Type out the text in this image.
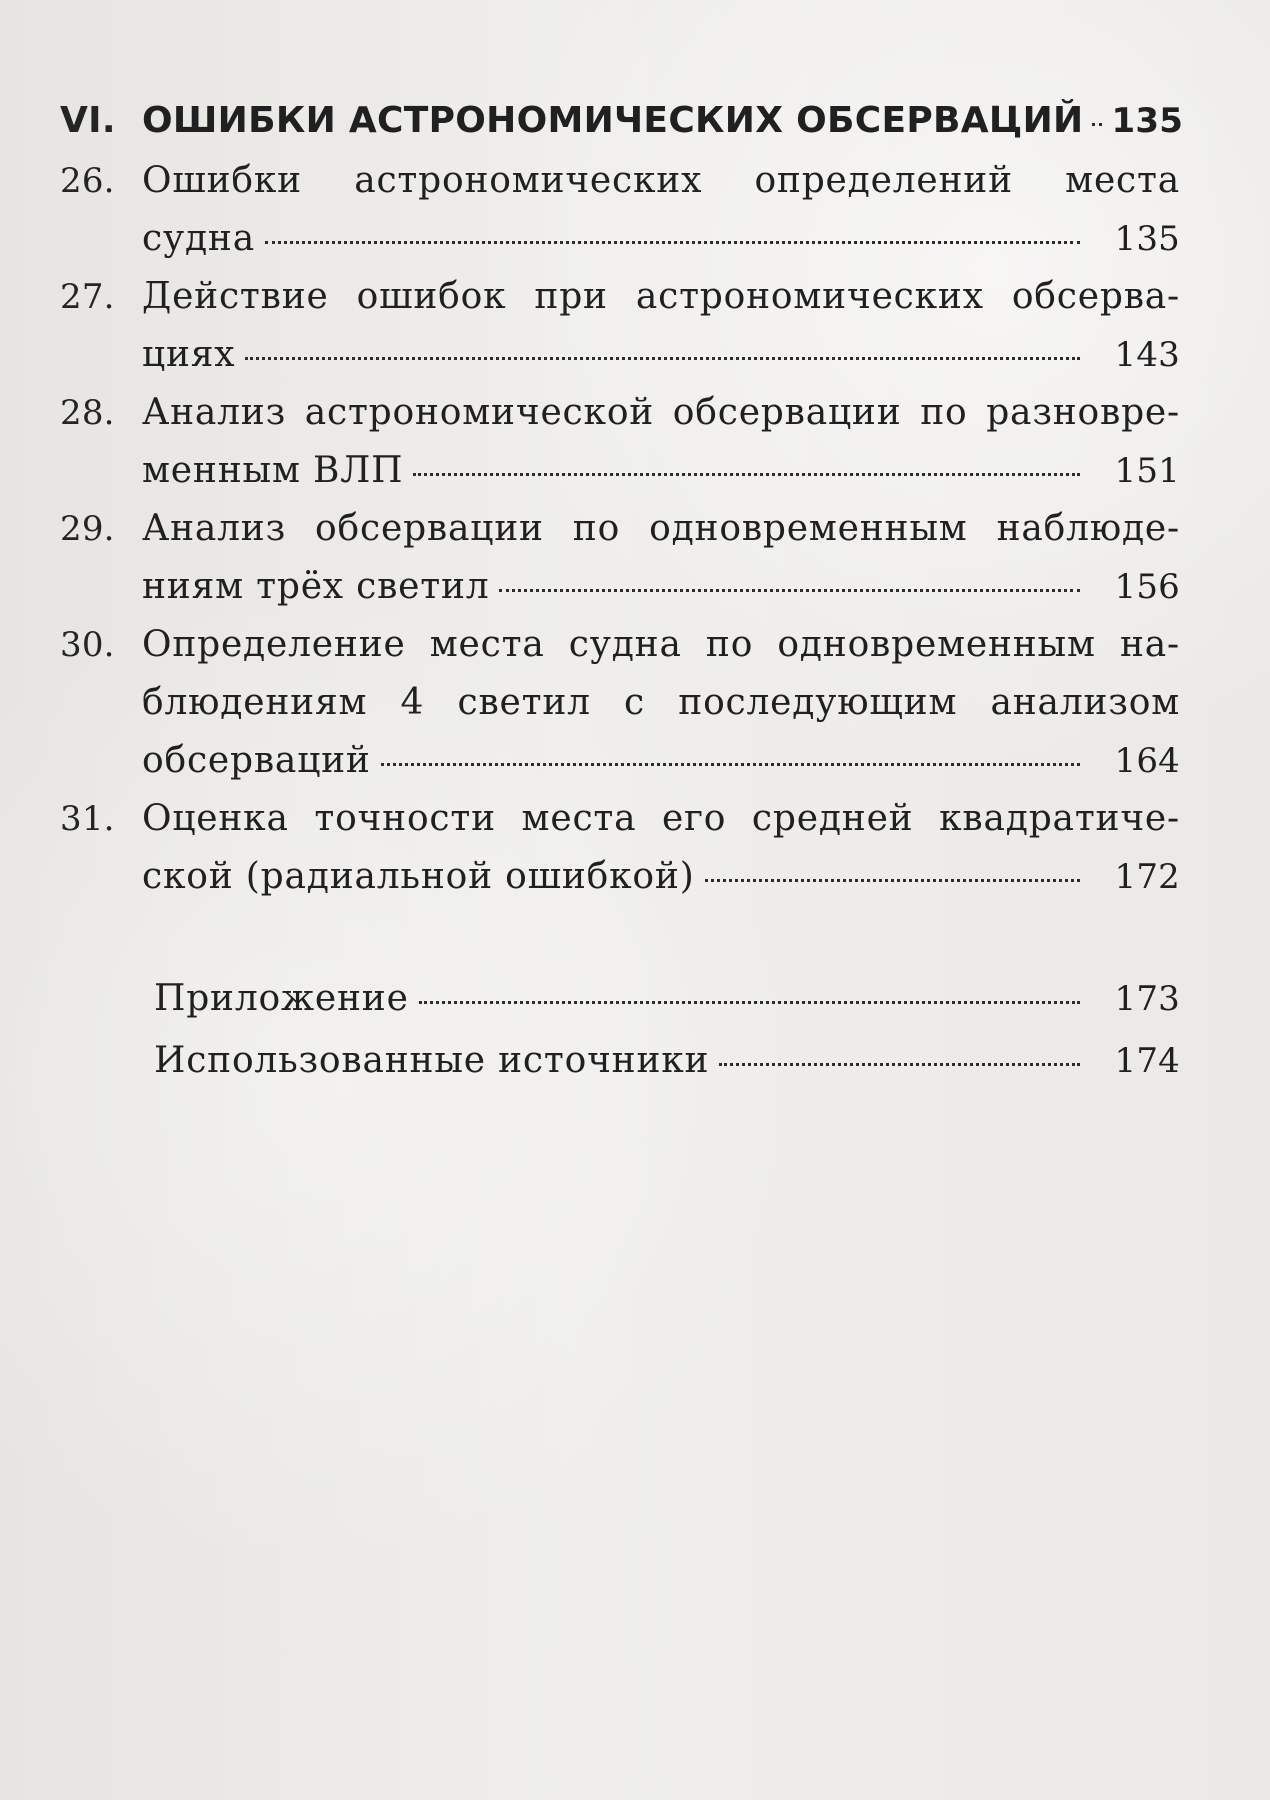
VI. ОШИБКИ АСТРОНОМИЧЕСКИХ ОБСЕРВАЦИЙ 135
26. Ошибки астрономических определений места
судна	135
27. Действие ошибок при астрономических обсерва-
циях	143
28. Анализ астрономической обсервации по разновре-
менным ВЛП	151
29. Анализ обсервации по одновременным наблюде-
ниям трёх светил	156
30. Определение места судна по одновременным на-
блюдениям 4 светил с последующим анализом
обсерваций	164
31. Оценка точности места его средней квадратиче-
ской (радиальной ошибкой)	172
Приложение	173
Использованные источники	174
